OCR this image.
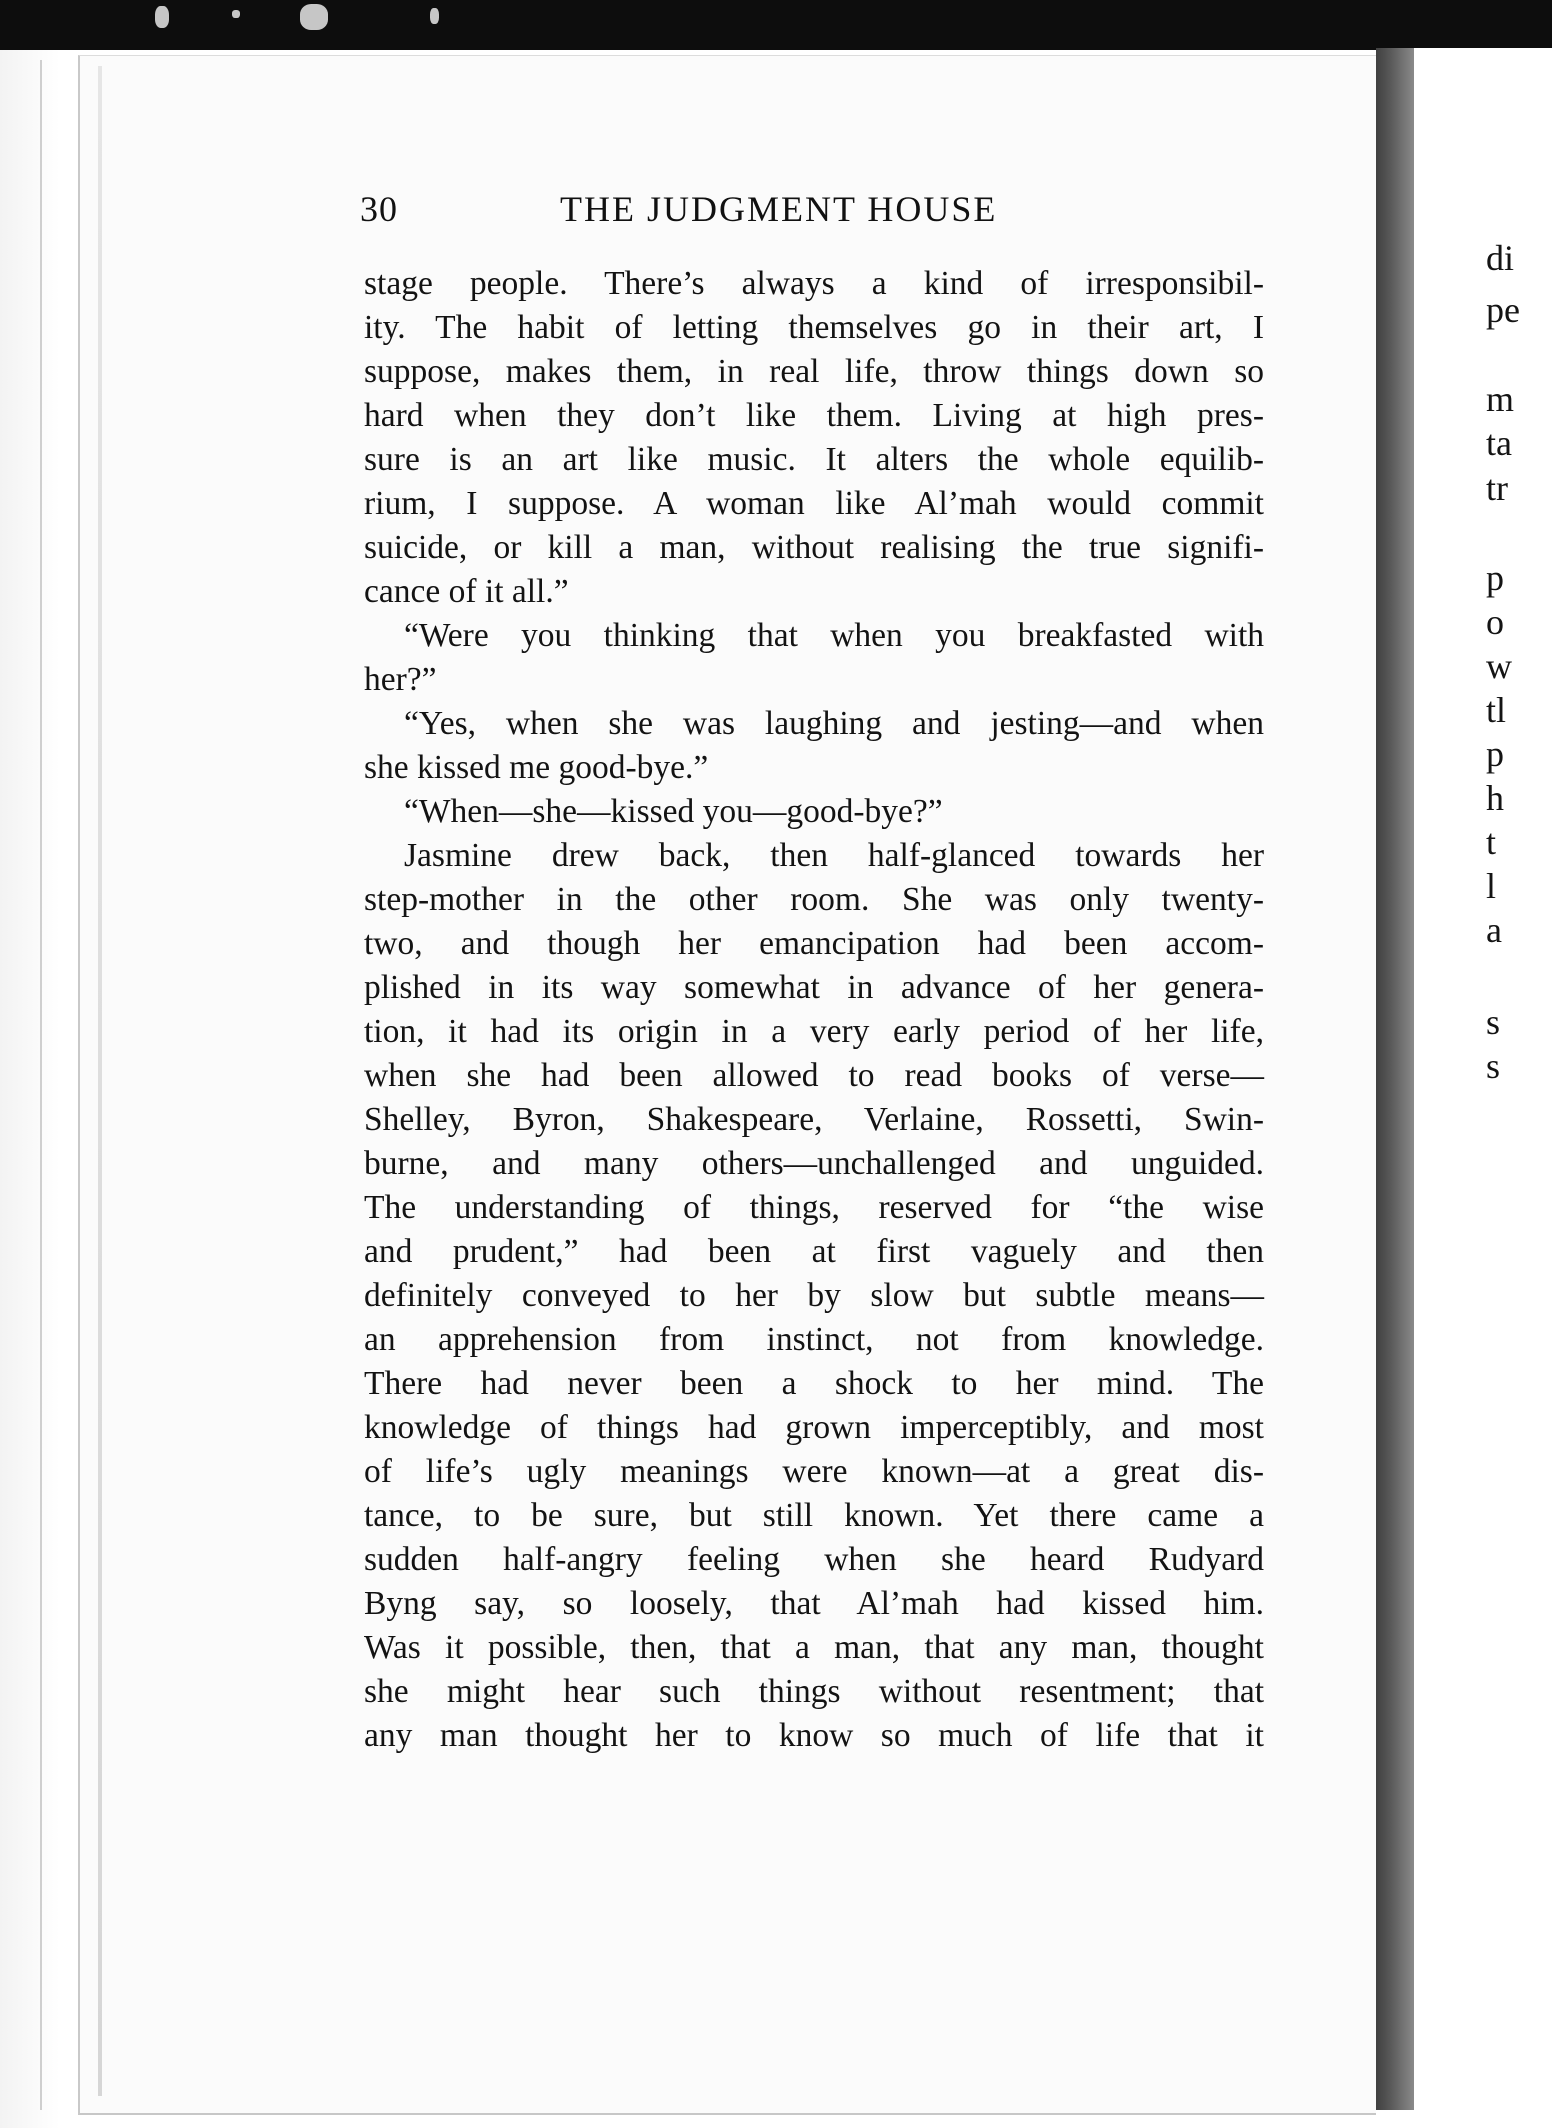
30	THE JUDGMENT HOUSE
stage people. There’s always a kind of irresponsibil-
ity. The habit of letting themselves go in their art, I
suppose, makes them, in real life, throw things down so
hard when they don’t like them. Living at high pres-
sure is an art like music. It alters the whole equilib-
rium, I suppose. A woman like Al’mah would commit
suicide, or kill a man, without realising the true signifi-
cance of it all.”
“Were you thinking that when you breakfasted with
her?”
“Yes, when she was laughing and jesting—and when
she kissed me good-bye.”
“When—she—kissed you—good-bye?”
Jasmine drew back, then half-glanced towards her
step-mother in the other room. She was only twenty-
two, and though her emancipation had been accom-
plished in its way somewhat in advance of her genera-
tion, it had its origin in a very early period of her life,
when she had been allowed to read books of verse—
Shelley, Byron, Shakespeare, Verlaine, Rossetti, Swin-
burne, and many others—unchallenged and unguided.
The understanding of things, reserved for “the wise
and prudent,” had been at first vaguely and then
definitely conveyed to her by slow but subtle means—
an apprehension from instinct, not from knowledge.
There had never been a shock to her mind. The
knowledge of things had grown imperceptibly, and most
of life’s ugly meanings were known—at a great dis-
tance, to be sure, but still known. Yet there came a
sudden half-angry feeling when she heard Rudyard
Byng say, so loosely, that Al’mah had kissed him.
Was it possible, then, that a man, that any man, thought
she might hear such things without resentment; that
any man thought her to know so much of life that it
di
pe
m
ta
tr
p
o
w
tl
p
h
t
l
a
s
s
